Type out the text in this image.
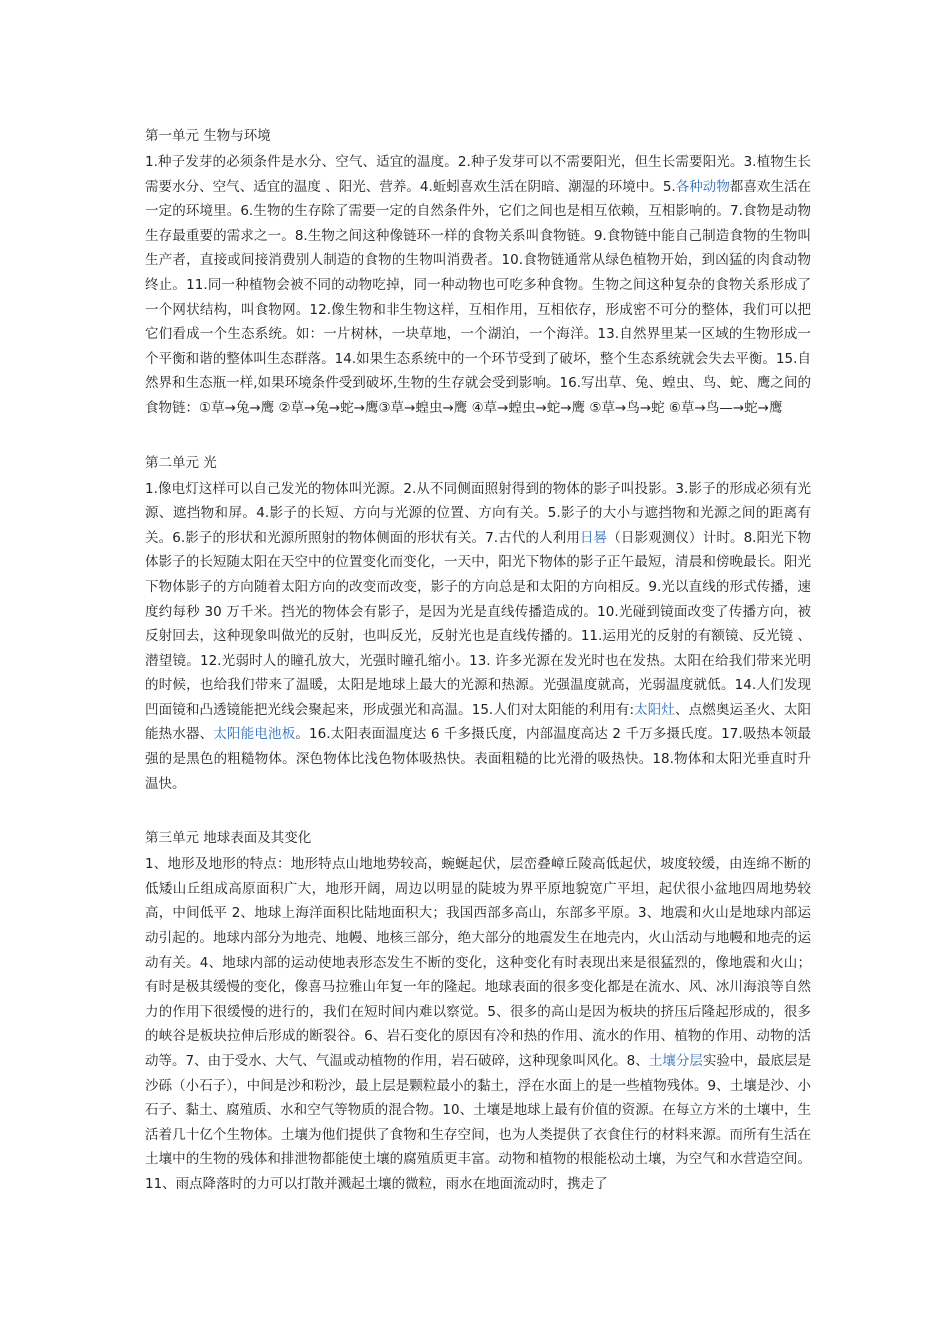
第一单元 生物与环境

1.种子发芽的必须条件是水分、空气、适宜的温度。2.种子发芽可以不需要阳光，但生长需要阳光。3.植物生长需要水分、空气、适宜的温度 、阳光、营养。4.蚯蚓喜欢生活在阴暗、潮湿的环境中。5.各种动物都喜欢生活在一定的环境里。6.生物的生存除了需要一定的自然条件外，它们之间也是相互依赖，互相影响的。7.食物是动物生存最重要的需求之一。8.生物之间这种像链环一样的食物关系叫食物链。9.食物链中能自己制造食物的生物叫生产者，直接或间接消费别人制造的食物的生物叫消费者。10.食物链通常从绿色植物开始，到凶猛的肉食动物终止。11.同一种植物会被不同的动物吃掉，同一种动物也可吃多种食物。生物之间这种复杂的食物关系形成了一个网状结构，叫食物网。12.像生物和非生物这样，互相作用，互相依存，形成密不可分的整体，我们可以把它们看成一个生态系统。如：一片树林，一块草地，一个湖泊，一个海洋。13.自然界里某一区域的生物形成一个平衡和谐的整体叫生态群落。14.如果生态系统中的一个环节受到了破坏，整个生态系统就会失去平衡。15.自然界和生态瓶一样,如果环境条件受到破坏,生物的生存就会受到影响。16.写出草、兔、蝗虫、鸟、蛇、鹰之间的食物链：①草→兔→鹰 ②草→兔→蛇→鹰③草→蝗虫→鹰 ④草→蝗虫→蛇→鹰 ⑤草→鸟→蛇 ⑥草→鸟—→蛇→鹰

第二单元 光

1.像电灯这样可以自己发光的物体叫光源。2.从不同侧面照射得到的物体的影子叫投影。3.影子的形成必须有光源、遮挡物和屏。4.影子的长短、方向与光源的位置、方向有关。5.影子的大小与遮挡物和光源之间的距离有关。6.影子的形状和光源所照射的物体侧面的形状有关。7.古代的人利用日晷（日影观测仪）计时。8.阳光下物体影子的长短随太阳在天空中的位置变化而变化，一天中，阳光下物体的影子正午最短，清晨和傍晚最长。阳光下物体影子的方向随着太阳方向的改变而改变，影子的方向总是和太阳的方向相反。9.光以直线的形式传播，速度约每秒 30 万千米。挡光的物体会有影子，是因为光是直线传播造成的。10.光碰到镜面改变了传播方向，被反射回去，这种现象叫做光的反射，也叫反光，反射光也是直线传播的。11.运用光的反射的有额镜、反光镜 、潜望镜。12.光弱时人的瞳孔放大，光强时瞳孔缩小。13. 许多光源在发光时也在发热。太阳在给我们带来光明的时候，也给我们带来了温暖，太阳是地球上最大的光源和热源。光强温度就高，光弱温度就低。14.人们发现凹面镜和凸透镜能把光线会聚起来，形成强光和高温。15.人们对太阳能的利用有:太阳灶、点燃奥运圣火、太阳能热水器、太阳能电池板。16.太阳表面温度达 6 千多摄氏度，内部温度高达 2 千万多摄氏度。17.吸热本领最强的是黑色的粗糙物体。深色物体比浅色物体吸热快。表面粗糙的比光滑的吸热快。18.物体和太阳光垂直时升温快。

第三单元 地球表面及其变化

1、地形及地形的特点：地形特点山地地势较高，蜿蜒起伏，层峦叠嶂丘陵高低起伏，坡度较缓，由连绵不断的低矮山丘组成高原面积广大，地形开阔，周边以明显的陡坡为界平原地貌宽广平坦，起伏很小盆地四周地势较高，中间低平 2、地球上海洋面积比陆地面积大；我国西部多高山，东部多平原。3、地震和火山是地球内部运动引起的。地球内部分为地壳、地幔、地核三部分，绝大部分的地震发生在地壳内，火山活动与地幔和地壳的运动有关。4、地球内部的运动使地表形态发生不断的变化，这种变化有时表现出来是很猛烈的，像地震和火山；有时是极其缓慢的变化，像喜马拉雅山年复一年的隆起。地球表面的很多变化都是在流水、风、冰川海浪等自然力的作用下很缓慢的进行的，我们在短时间内难以察觉。5、很多的高山是因为板块的挤压后隆起形成的，很多的峡谷是板块拉伸后形成的断裂谷。6、岩石变化的原因有冷和热的作用、流水的作用、植物的作用、动物的活动等。7、由于受水、大气、气温或动植物的作用，岩石破碎，这种现象叫风化。8、土壤分层实验中，最底层是沙砾（小石子），中间是沙和粉沙，最上层是颗粒最小的黏土，浮在水面上的是一些植物残体。9、土壤是沙、小石子、黏土、腐殖质、水和空气等物质的混合物。10、土壤是地球上最有价值的资源。在每立方米的土壤中，生活着几十亿个生物体。土壤为他们提供了食物和生存空间，也为人类提供了衣食住行的材料来源。而所有生活在土壤中的生物的残体和排泄物都能使土壤的腐殖质更丰富。动物和植物的根能松动土壤，为空气和水营造空间。11、雨点降落时的力可以打散并溅起土壤的微粒，雨水在地面流动时，携走了
